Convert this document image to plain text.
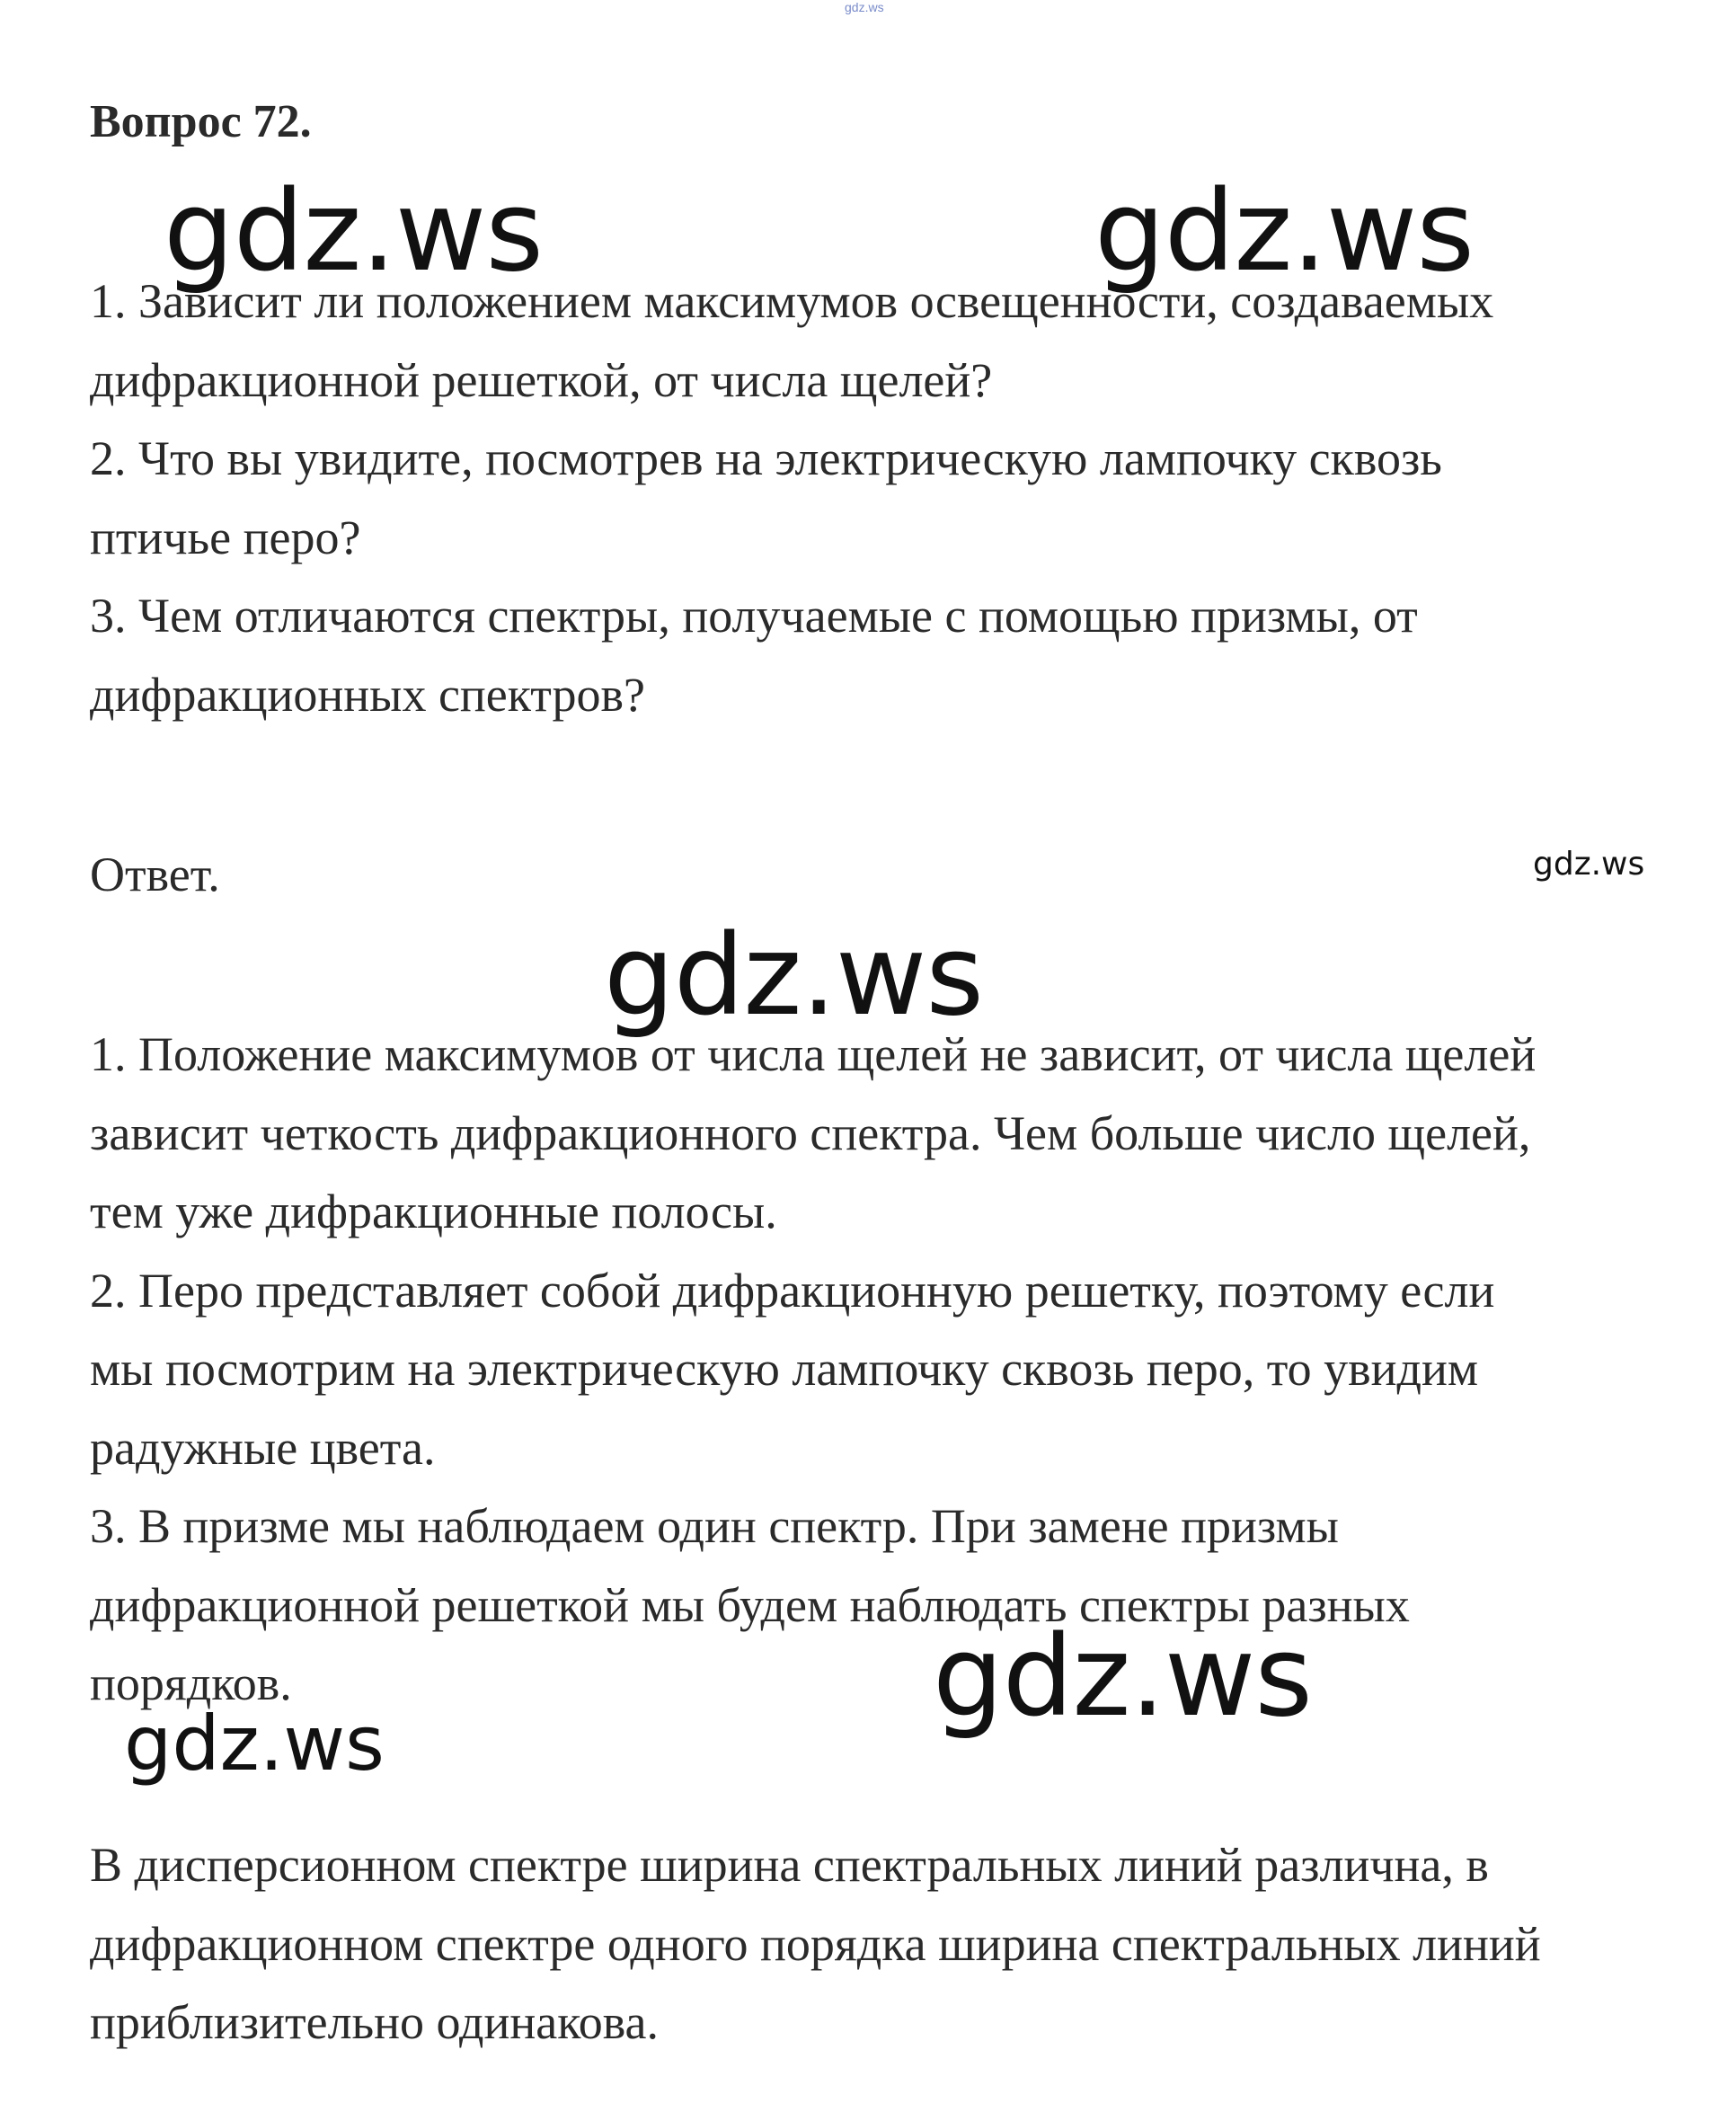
gdz.ws
Вопрос 72.
1. Зависит ли положением максимумов освещенности, создаваемых
дифракционной решеткой, от числа щелей?
2. Что вы увидите, посмотрев на электрическую лампочку сквозь
птичье перо?
3. Чем отличаются спектры, получаемые с помощью призмы, от
дифракционных спектров?
Ответ.
1. Положение максимумов от числа щелей не зависит, от числа щелей
зависит четкость дифракционного спектра. Чем больше число щелей,
тем уже дифракционные полосы.
2. Перо представляет собой дифракционную решетку, поэтому если
мы посмотрим на электрическую лампочку сквозь перо, то увидим
радужные цвета.
3. В призме мы наблюдаем один спектр. При замене призмы
дифракционной решеткой мы будем наблюдать спектры разных
порядков.
В дисперсионном спектре ширина спектральных линий различна, в
дифракционном спектре одного порядка ширина спектральных линий
приблизительно одинакова.
gdz.ws	gdz.ws
gdz.ws
gdz.ws
gdz.ws
gdz.ws
